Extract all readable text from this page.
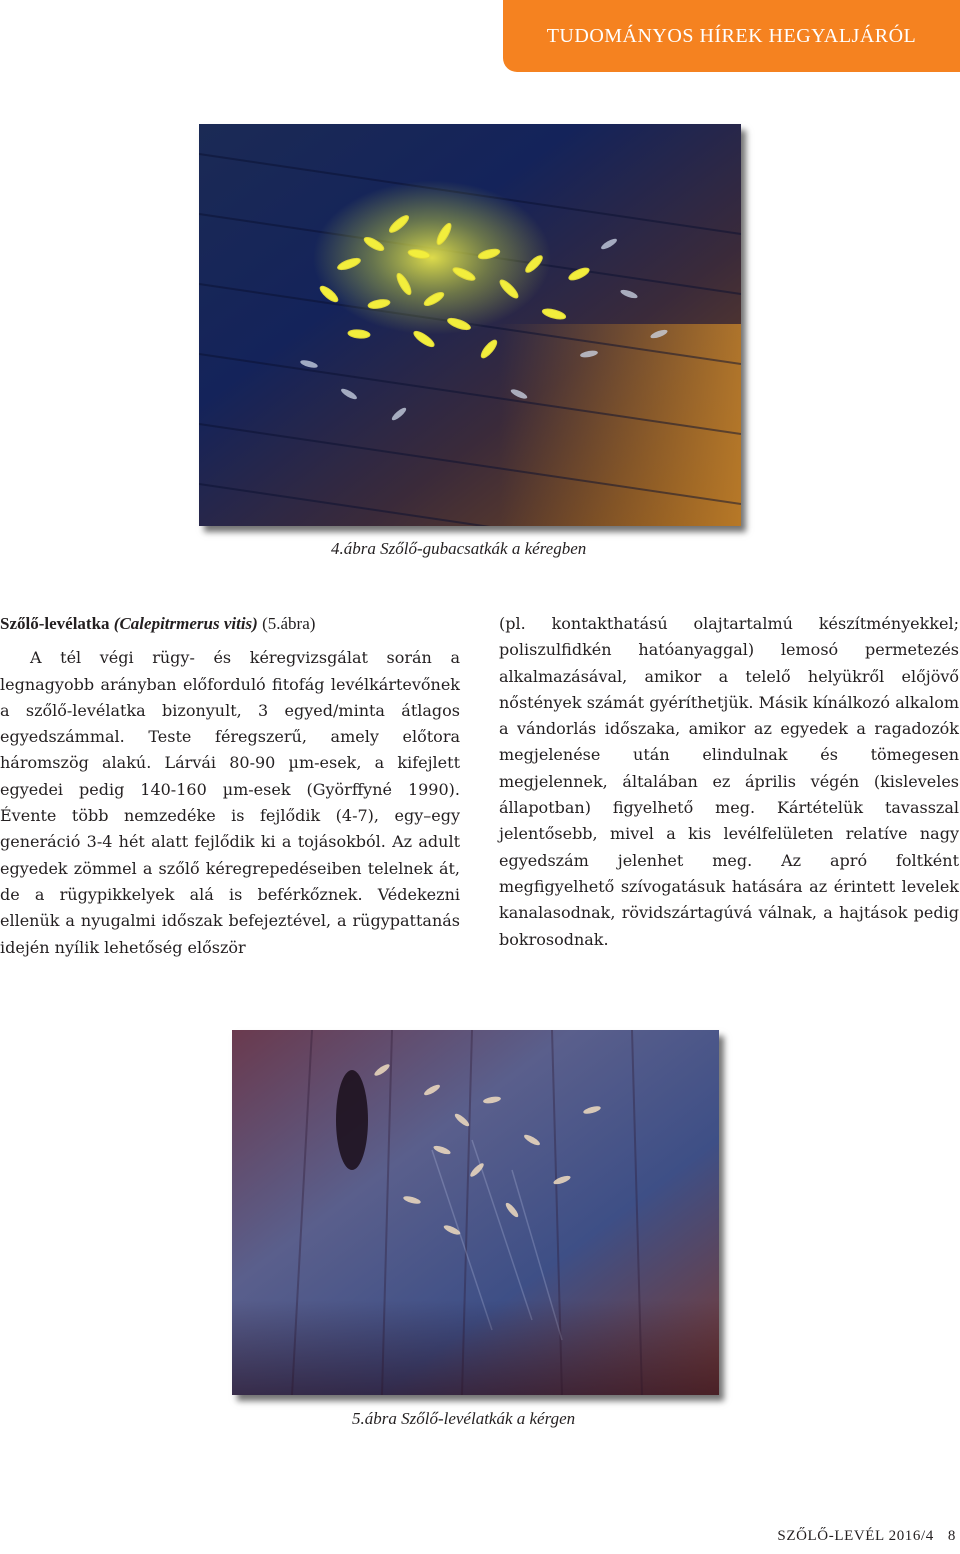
TUDOMÁNYOS HÍREK HEGYALJÁRÓL
4.ábra Szőlő-gubacsatkák a kéregben

Szőlő-levélatka (Calepitrmerus vitis) (5.ábra)

A tél végi rügy- és kéregvizsgálat során a legnagyobb arányban előforduló fitofág levélkártevőnek a szőlő-levélatka bizonyult, 3 egyed/minta átlagos egyedszámmal. Teste féregszerű, amely előtora háromszög alakú. Lárvái 80-90 µm-esek, a kifejlett egyedei pedig 140-160 µm-esek (Györffyné 1990). Évente több nemzedéke is fejlődik (4-7), egy–egy generáció 3-4 hét alatt fejlődik ki a tojásokból. Az adult egyedek zömmel a szőlő kéregrepedéseiben telelnek át, de a rügypikkelyek alá is beférkőznek. Védekezni ellenük a nyugalmi időszak befejeztével, a rügypattanás idején nyílik lehetőség először

(pl. kontakthatású olajtartalmú készítményekkel; poliszulfidkén hatóanyaggal) lemosó permetezés alkalmazásával, amikor a telelő helyükről előjövő nőstények számát gyéríthetjük. Másik kínálkozó alkalom a vándorlás időszaka, amikor az egyedek a ragadozók megjelenése után elindulnak és tömegesen megjelennek, általában ez április végén (kisleveles állapotban) figyelhető meg. Kártételük tavasszal jelentősebb, mivel a kis levélfelületen relatíve nagy egyedszám jelenhet meg. Az apró foltként megfigyelhető szívogatásuk hatására az érintett levelek kanalasodnak, rövidszártagúvá válnak, a hajtások pedig bokrosodnak.

5.ábra Szőlő-levélatkák a kérgen
SZŐLŐ-LEVÉL 2016/4 8
